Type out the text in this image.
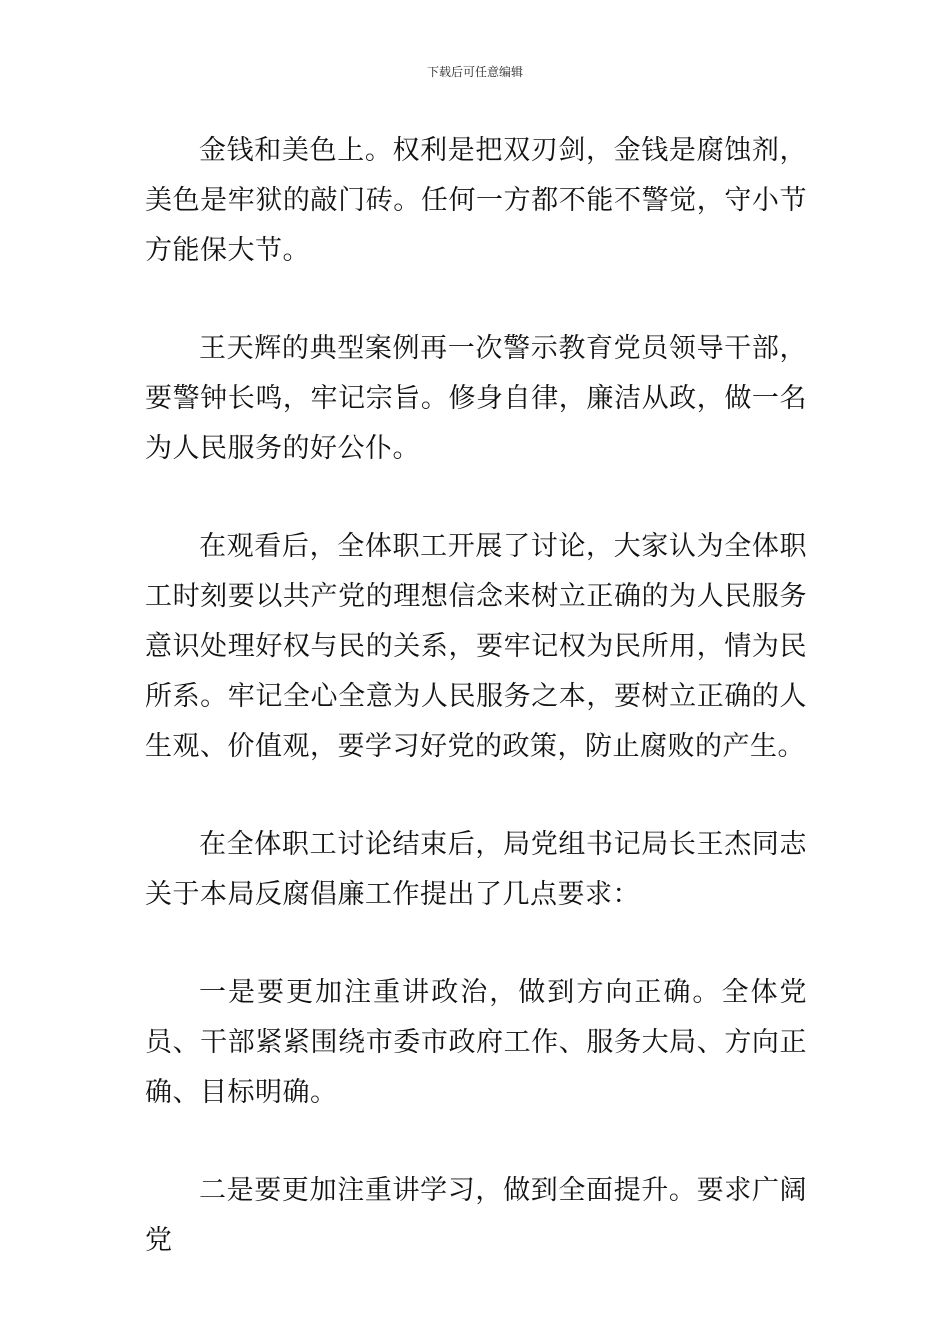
下载后可任意编辑

金钱和美色上。权利是把双刃剑，金钱是腐蚀剂，美色是牢狱的敲门砖。任何一方都不能不警觉，守小节方能保大节。

王天辉的典型案例再一次警示教育党员领导干部，要警钟长鸣，牢记宗旨。修身自律，廉洁从政，做一名为人民服务的好公仆。

在观看后，全体职工开展了讨论，大家认为全体职工时刻要以共产党的理想信念来树立正确的为人民服务意识处理好权与民的关系，要牢记权为民所用，情为民所系。牢记全心全意为人民服务之本，要树立正确的人生观、价值观，要学习好党的政策，防止腐败的产生。

在全体职工讨论结束后，局党组书记局长王杰同志关于本局反腐倡廉工作提出了几点要求：

一是要更加注重讲政治，做到方向正确。全体党员、干部紧紧围绕市委市政府工作、服务大局、方向正确、目标明确。

二是要更加注重讲学习，做到全面提升。要求广阔党
